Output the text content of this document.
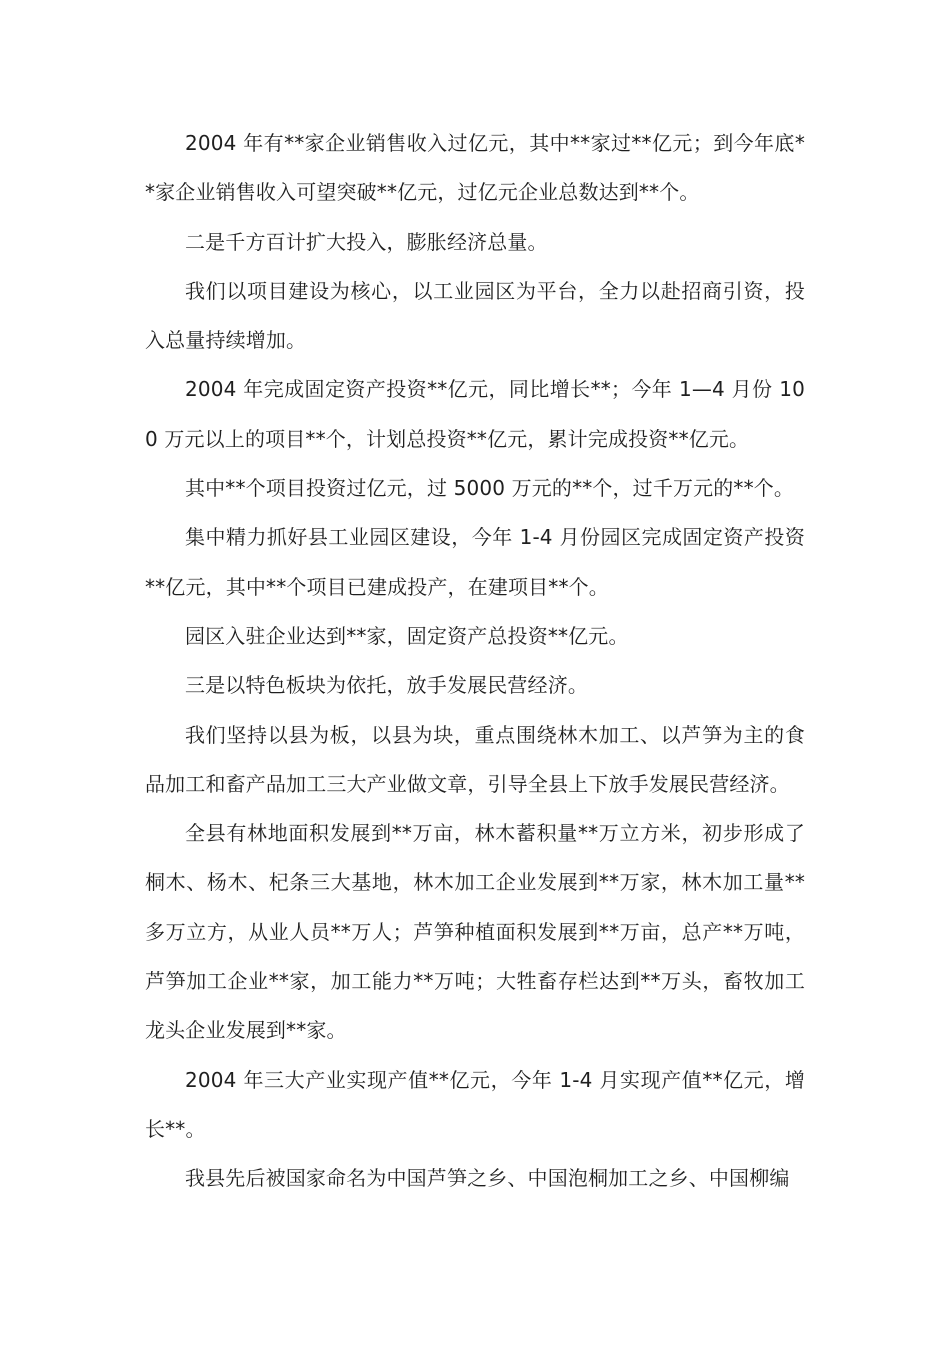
2004 年有**家企业销售收入过亿元，其中**家过**亿元；到今年底**家企业销售收入可望突破**亿元，过亿元企业总数达到**个。

二是千方百计扩大投入，膨胀经济总量。

我们以项目建设为核心，以工业园区为平台，全力以赴招商引资，投入总量持续增加。

2004 年完成固定资产投资**亿元，同比增长**；今年 1—4 月份 100 万元以上的项目**个，计划总投资**亿元，累计完成投资**亿元。

其中**个项目投资过亿元，过 5000 万元的**个，过千万元的**个。

集中精力抓好县工业园区建设，今年 1-4 月份园区完成固定资产投资**亿元，其中**个项目已建成投产，在建项目**个。

园区入驻企业达到**家，固定资产总投资**亿元。

三是以特色板块为依托，放手发展民营经济。

我们坚持以县为板，以县为块，重点围绕林木加工、以芦笋为主的食品加工和畜产品加工三大产业做文章，引导全县上下放手发展民营经济。

全县有林地面积发展到**万亩，林木蓄积量**万立方米，初步形成了桐木、杨木、杞条三大基地，林木加工企业发展到**万家，林木加工量**多万立方，从业人员**万人；芦笋种植面积发展到**万亩，总产**万吨，芦笋加工企业**家，加工能力**万吨；大牲畜存栏达到**万头，畜牧加工龙头企业发展到**家。

2004 年三大产业实现产值**亿元，今年 1-4 月实现产值**亿元，增长**。

我县先后被国家命名为中国芦笋之乡、中国泡桐加工之乡、中国柳编
